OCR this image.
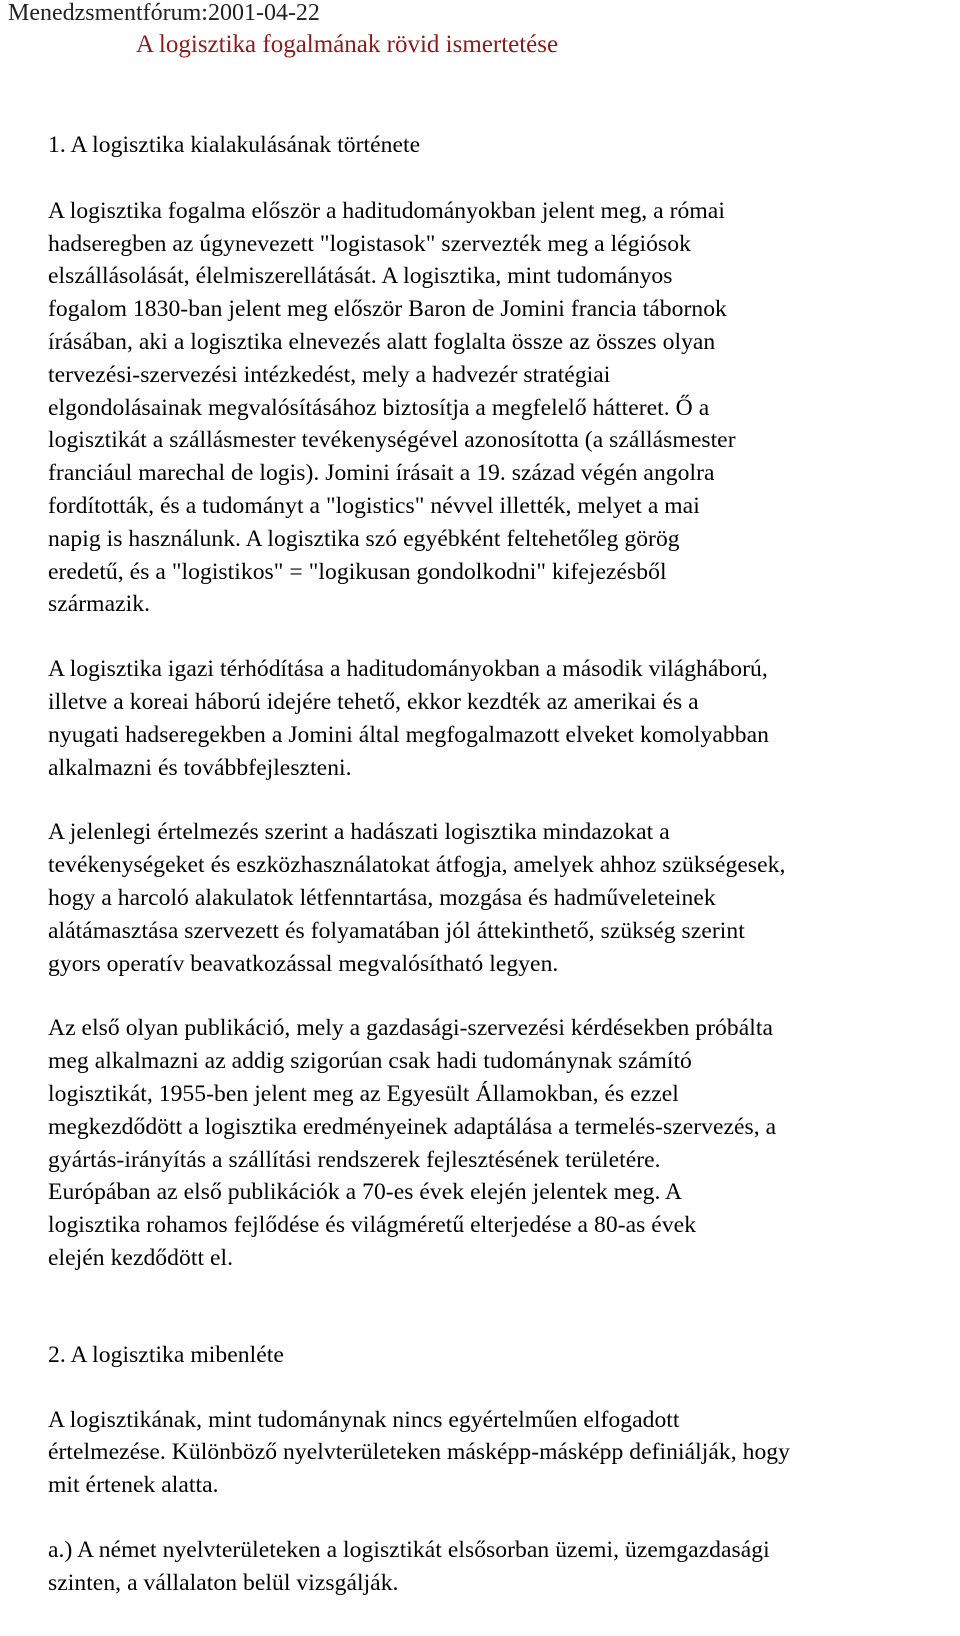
Menedzsmentfórum:2001-04-22
A logisztika fogalmának rövid ismertetése
1. A logisztika kialakulásának története
A logisztika fogalma először a haditudományokban jelent meg, a római
hadseregben az úgynevezett "logistasok" szervezték meg a légiósok
elszállásolását, élelmiszerellátását. A logisztika, mint tudományos
fogalom 1830-ban jelent meg először Baron de Jomini francia tábornok
írásában, aki a logisztika elnevezés alatt foglalta össze az összes olyan
tervezési-szervezési intézkedést, mely a hadvezér stratégiai
elgondolásainak megvalósításához biztosítja a megfelelő hátteret. Ő a
logisztikát a szállásmester tevékenységével azonosította (a szállásmester
franciául marechal de logis). Jomini írásait a 19. század végén angolra
fordították, és a tudományt a "logistics" névvel illették, melyet a mai
napig is használunk. A logisztika szó egyébként feltehetőleg görög
eredetű, és a "logistikos" = "logikusan gondolkodni" kifejezésből
származik.
A logisztika igazi térhódítása a haditudományokban a második világháború,
illetve a koreai háború idejére tehető, ekkor kezdték az amerikai és a
nyugati hadseregekben a Jomini által megfogalmazott elveket komolyabban
alkalmazni és továbbfejleszteni.
A jelenlegi értelmezés szerint a hadászati logisztika mindazokat a
tevékenységeket és eszközhasználatokat átfogja, amelyek ahhoz szükségesek,
hogy a harcoló alakulatok létfenntartása, mozgása és hadműveleteinek
alátámasztása szervezett és folyamatában jól áttekinthető, szükség szerint
gyors operatív beavatkozással megvalósítható legyen.
Az első olyan publikáció, mely a gazdasági-szervezési kérdésekben próbálta
meg alkalmazni az addig szigorúan csak hadi tudománynak számító
logisztikát, 1955-ben jelent meg az Egyesült Államokban, és ezzel
megkezdődött a logisztika eredményeinek adaptálása a termelés-szervezés, a
gyártás-irányítás a szállítási rendszerek fejlesztésének területére.
Európában az első publikációk a 70-es évek elején jelentek meg. A
logisztika rohamos fejlődése és világméretű elterjedése a 80-as évek
elején kezdődött el.
2. A logisztika mibenléte
A logisztikának, mint tudománynak nincs egyértelműen elfogadott
értelmezése. Különböző nyelvterületeken másképp-másképp definiálják, hogy
mit értenek alatta.
a.) A német nyelvterületeken a logisztikát elsősorban üzemi, üzemgazdasági
szinten, a vállalaton belül vizsgálják.
